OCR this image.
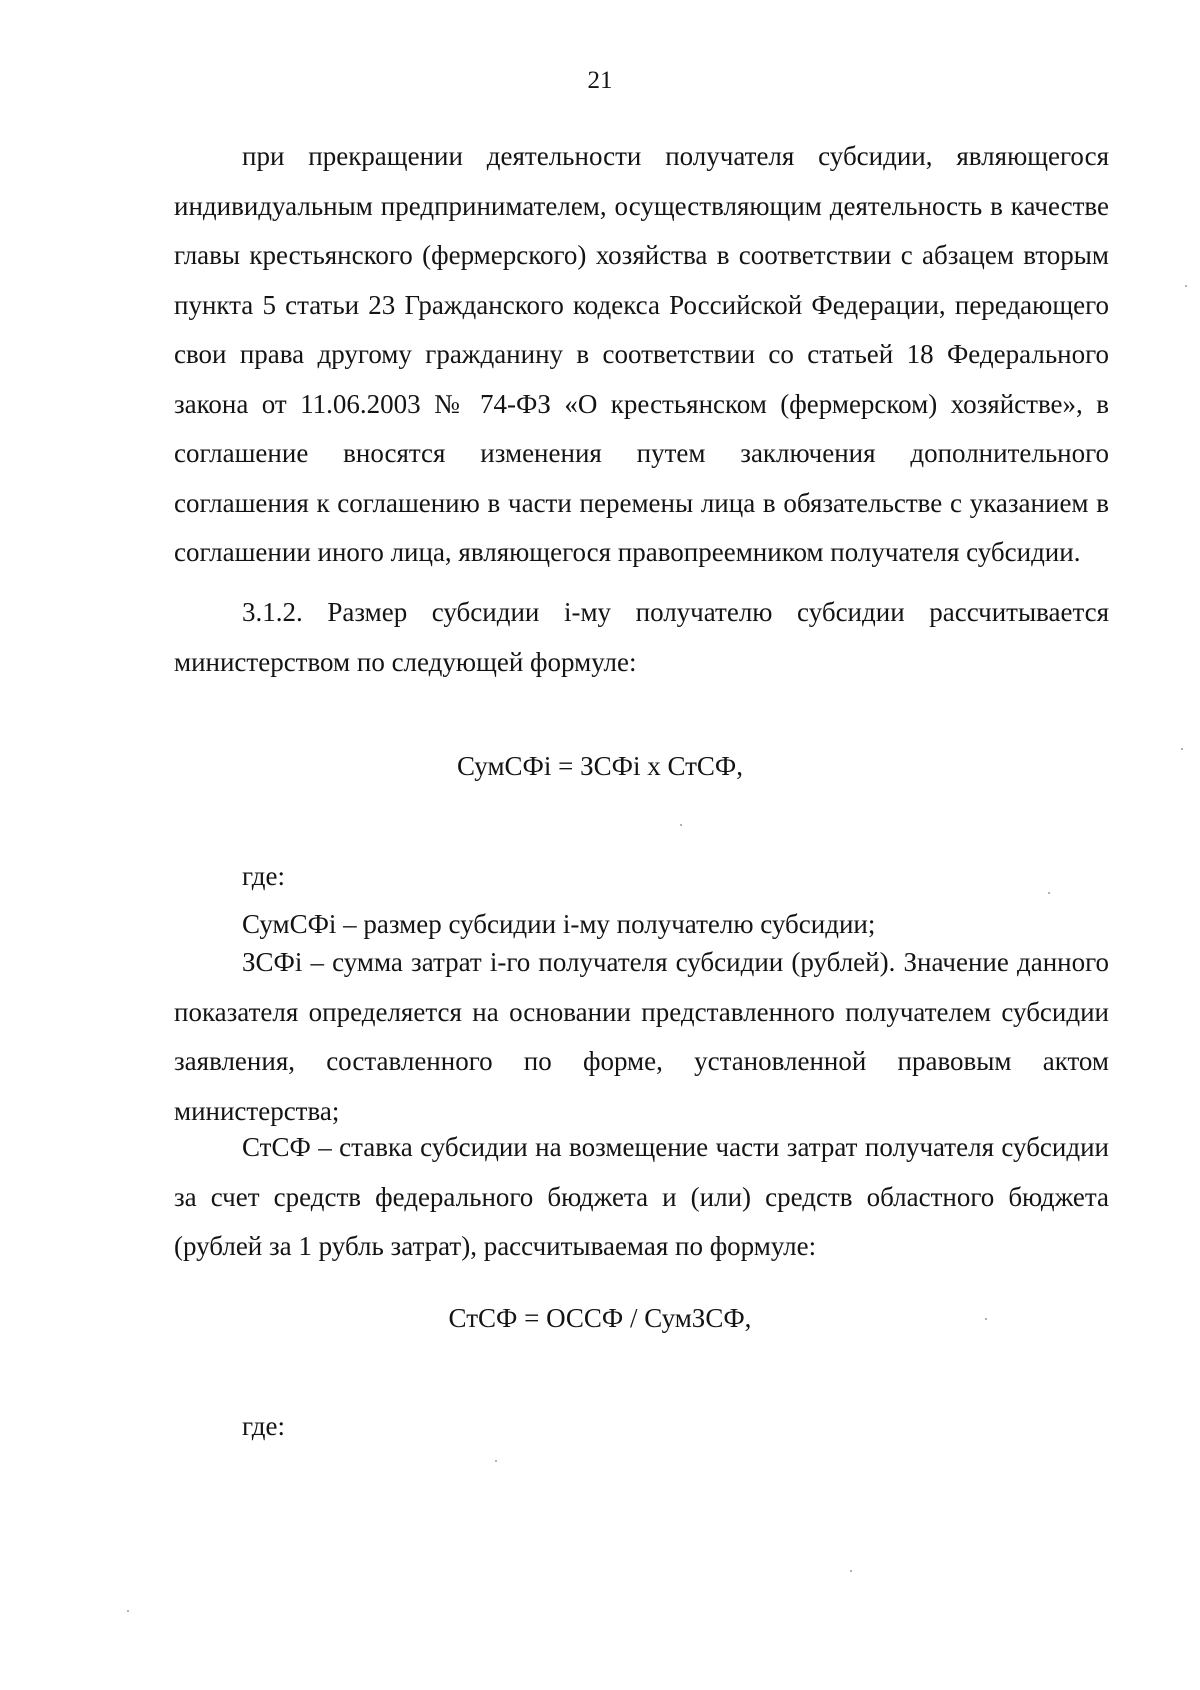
21

при прекращении деятельности получателя субсидии, являющегося индивидуальным предпринимателем, осуществляющим деятельность в качестве главы крестьянского (фермерского) хозяйства в соответствии с абзацем вторым пункта 5 статьи 23 Гражданского кодекса Российской Федерации, передающего свои права другому гражданину в соответствии со статьей 18 Федерального закона от 11.06.2003 № 74-ФЗ «О крестьянском (фермерском) хозяйстве», в соглашение вносятся изменения путем заключения дополнительного соглашения к соглашению в части перемены лица в обязательстве с указанием в соглашении иного лица, являющегося правопреемником получателя субсидии.

3.1.2. Размер субсидии i-му получателю субсидии рассчитывается министерством по следующей формуле:

СумСФi = ЗСФi х СтСФ,

где:

СумСФi – размер субсидии i-му получателю субсидии;

ЗСФi – сумма затрат i-го получателя субсидии (рублей). Значение данного показателя определяется на основании представленного получателем субсидии заявления, составленного по форме, установленной правовым актом министерства;

СтСФ – ставка субсидии на возмещение части затрат получателя субсидии за счет средств федерального бюджета и (или) средств областного бюджета (рублей за 1 рубль затрат), рассчитываемая по формуле:

СтСФ = ОССФ / СумЗСФ,

где:
